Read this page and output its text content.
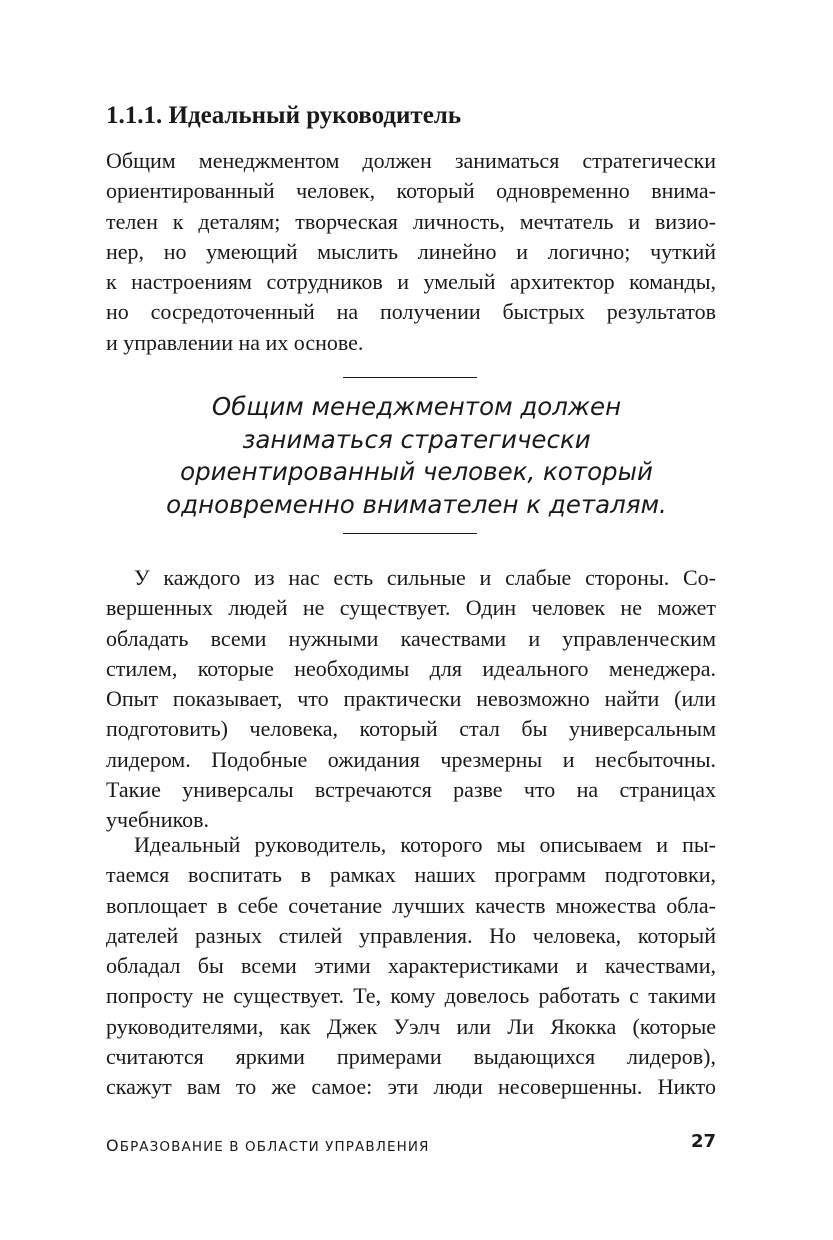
1.1.1. Идеальный руководитель
Общим менеджментом должен заниматься стратегически
ориентированный человек, который одновременно внима-
телен к деталям; творческая личность, мечтатель и визио-
нер, но умеющий мыслить линейно и логично; чуткий
к настроениям сотрудников и умелый архитектор команды,
но сосредоточенный на получении быстрых результатов
и управлении на их основе.
Общим менеджментом должен
заниматься стратегически
ориентированный человек, который
одновременно внимателен к деталям.
У каждого из нас есть сильные и слабые стороны. Со-
вершенных людей не существует. Один человек не может
обладать всеми нужными качествами и управленческим
стилем, которые необходимы для идеального менеджера.
Опыт показывает, что практически невозможно найти (или
подготовить) человека, который стал бы универсальным
лидером. Подобные ожидания чрезмерны и несбыточны.
Такие универсалы встречаются разве что на страницах
учебников.
Идеальный руководитель, которого мы описываем и пы-
таемся воспитать в рамках наших программ подготовки,
воплощает в себе сочетание лучших качеств множества обла-
дателей разных стилей управления. Но человека, который
обладал бы всеми этими характеристиками и качествами,
попросту не существует. Те, кому довелось работать с такими
руководителями, как Джек Уэлч или Ли Якокка (которые
считаются яркими примерами выдающихся лидеров),
скажут вам то же самое: эти люди несовершенны. Никто

ОБРАЗОВАНИЕ В ОБЛАСТИ УПРАВЛЕНИЯ	27
